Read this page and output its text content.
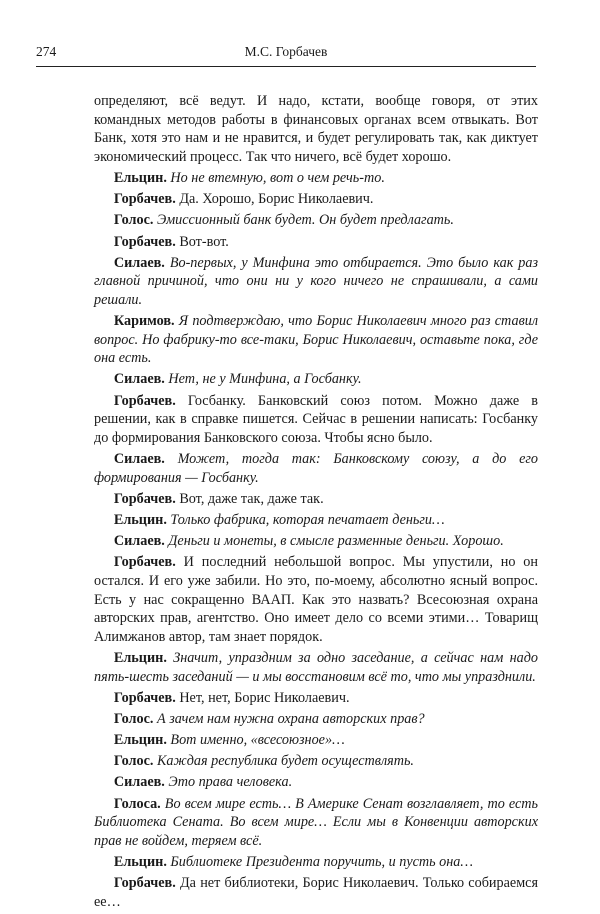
274	М.С. Горбачев

определяют, всё ведут. И надо, кстати, вообще говоря, от этих командных методов работы в финансовых органах всем отвыкать. Вот Банк, хотя это нам и не нравится, и будет регулировать так, как диктует экономический процесс. Так что ничего, всё будет хорошо.

Ельцин. Но не втемную, вот о чем речь-то.

Горбачев. Да. Хорошо, Борис Николаевич.

Голос. Эмиссионный банк будет. Он будет предлагать.

Горбачев. Вот-вот.

Силаев. Во-первых, у Минфина это отбирается. Это было как раз главной причиной, что они ни у кого ничего не спрашивали, а сами решали.

Каримов. Я подтверждаю, что Борис Николаевич много раз ставил вопрос. Но фабрику-то все-таки, Борис Николаевич, оставьте пока, где она есть.

Силаев. Нет, не у Минфина, а Госбанку.

Горбачев. Госбанку. Банковский союз потом. Можно даже в решении, как в справке пишется. Сейчас в решении написать: Госбанку до формирования Банковского союза. Чтобы ясно было.

Силаев. Может, тогда так: Банковскому союзу, а до его формирования — Госбанку.

Горбачев. Вот, даже так, даже так.

Ельцин. Только фабрика, которая печатает деньги…

Силаев. Деньги и монеты, в смысле разменные деньги. Хорошо.

Горбачев. И последний небольшой вопрос. Мы упустили, но он остался. И его уже забили. Но это, по-моему, абсолютно ясный вопрос. Есть у нас сокращенно ВААП. Как это назвать? Всесоюзная охрана авторских прав, агентство. Оно имеет дело со всеми этими… Товарищ Алимжанов автор, там знает порядок.

Ельцин. Значит, упраздним за одно заседание, а сейчас нам надо пять-шесть заседаний — и мы восстановим всё то, что мы упразднили.

Горбачев. Нет, нет, Борис Николаевич.

Голос. А зачем нам нужна охрана авторских прав?

Ельцин. Вот именно, «всесоюзное»…

Голос. Каждая республика будет осуществлять.

Силаев. Это права человека.

Голоса. Во всем мире есть… В Америке Сенат возглавляет, то есть Библиотека Сената. Во всем мире… Если мы в Конвенции авторских прав не войдем, теряем всё.

Ельцин. Библиотеке Президента поручить, и пусть она…

Горбачев. Да нет библиотеки, Борис Николаевич. Только собираемся ее…
